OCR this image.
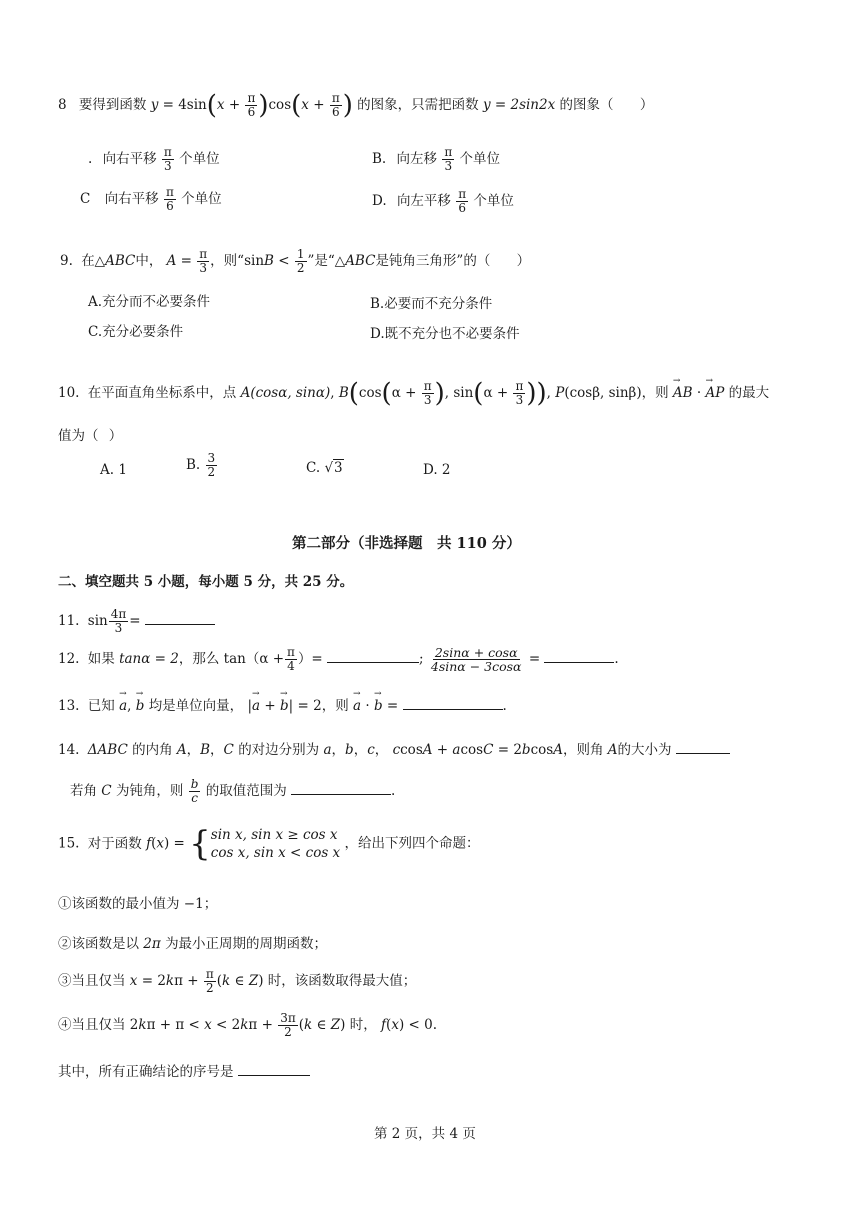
8 要得到函数 $y = 4\sin(x + \frac{\pi}{6} )\cos(x + \frac{\pi}{6}$ ) 的图象，只需把函数 y = 2sin2x 的图象（ ）
. 向右平移 $\frac{\pi}{3}$ 个单位	B. 向左移 $\frac{\pi}{3}$ 个单位
C 向右平移 $\frac{\pi}{6}$ 个单位	D. 向左平移 $\frac{\pi}{6}$ 个单位
9. 在△ABC中， $A = \frac{\pi}{3}$ ，则“$\sin B < \frac{1}{2}$ ”是“△ABC是钝角三角形”的（ ）
A.充分而不必要条件	B.必要而不充分条件
C.充分必要条件	D.既不充分也不必要条件
10. 在平面直角坐标系中，点 A(cosα, sinα), $B(\cos(\alpha + \frac{\pi}{3}$ ), $\sin(\alpha + \frac{\pi}{3}$ )), P(cosβ, sinβ)，则 → AB · → AP 的最大
值为（ ）
A. 1	B. $\frac{3}{2}$	C. √3	D. 2
第二部分（非选择题　共 110 分）
二、填空题共 5 小题，每小题 5 分，共 25 分。
11. $\sin \frac{4\pi}{3}$ =
12. 如果 tanα = 2，那么 $\tan(\alpha + \frac{\pi}{4}$ ）=	; $\frac{2\sin\alpha + \cos\alpha}{4\sin\alpha - 3\cos\alpha}$ =	.
13. 已知 → a, → b 均是单位向量， |→ a + → b| = 2，则 → a · → b =	.
14. ΔABC 的内角 A，B，C 的对边分别为 a，b，c， ccosA + acosC = 2bcosA，则角 A的大小为
若角 C 为钝角，则 $\frac{b}{c}$ 的取值范围为	.
15. 对于函数 f(x) = { sin x, sin x ≥ cos x
cos x, sin x < cos x
，给出下列四个命题：
①该函数的最小值为 −1；
②该函数是以 2π 为最小正周期的周期函数；
③当且仅当 $x = 2k\pi + \frac{\pi}{2} (k$ ∈ Z) 时，该函数取得最大值；
④当且仅当 $2k\pi + \pi < x < 2k\pi + \frac{3\pi}{2} (k$ ∈ Z) 时， f(x) < 0.
其中，所有正确结论的序号是
第 2 页，共 4 页
